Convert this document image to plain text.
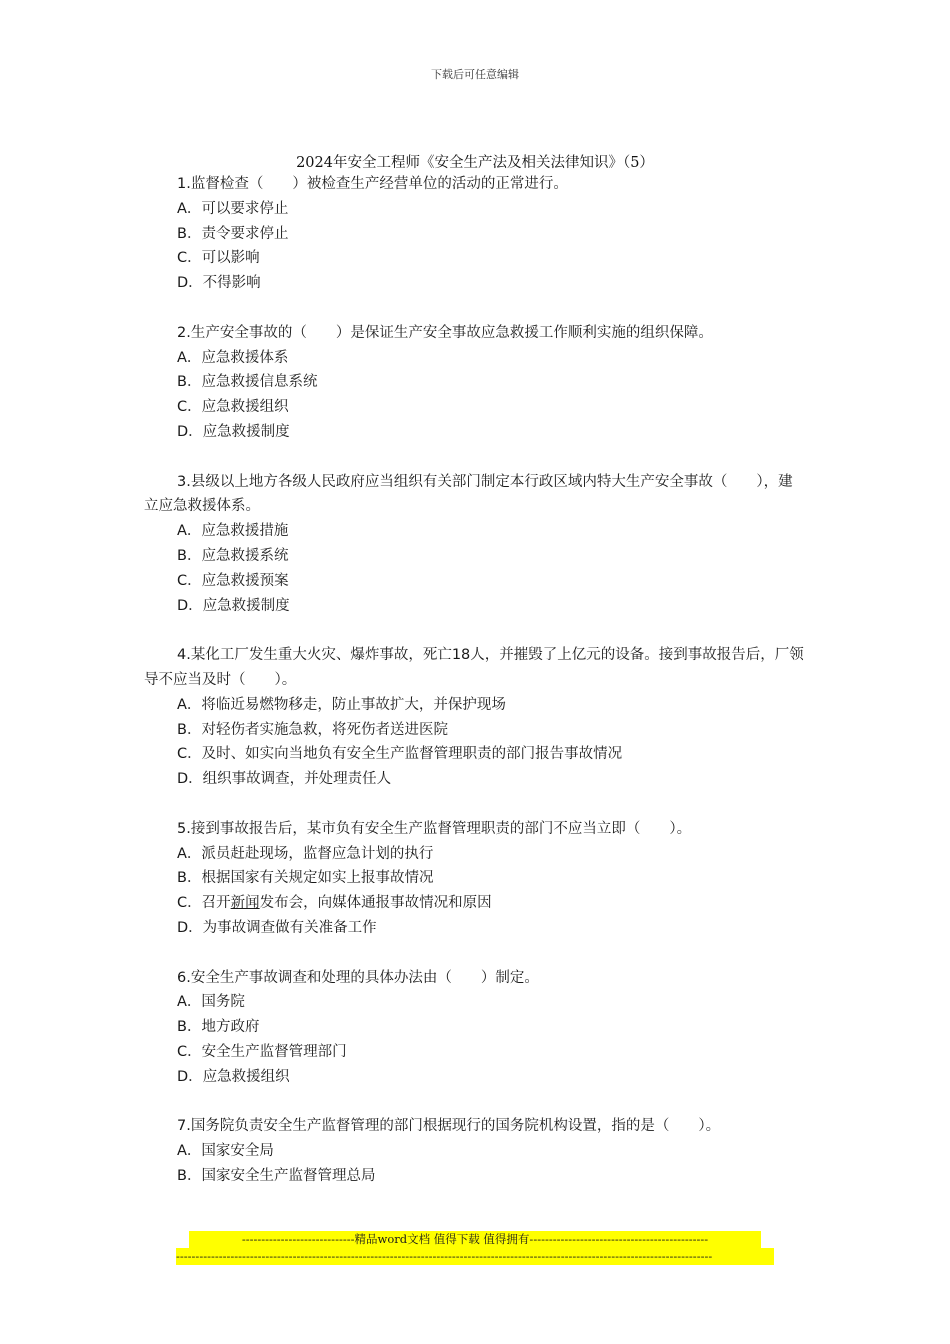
下载后可任意编辑
2024年安全工程师《安全生产法及相关法律知识》（5）

1.监督检查（　　）被检查生产经营单位的活动的正常进行。

A．可以要求停止

B．责令要求停止

C．可以影响

D．不得影响

2.生产安全事故的（　　）是保证生产安全事故应急救援工作顺利实施的组织保障。

A．应急救援体系

B．应急救援信息系统

C．应急救援组织

D．应急救援制度

3.县级以上地方各级人民政府应当组织有关部门制定本行政区域内特大生产安全事故（　　），建立应急救援体系。

A．应急救援措施

B．应急救援系统

C．应急救援预案

D．应急救援制度

4.某化工厂发生重大火灾、爆炸事故，死亡18人，并摧毁了上亿元的设备。接到事故报告后，厂领导不应当及时（　　）。

A．将临近易燃物移走，防止事故扩大，并保护现场

B．对轻伤者实施急救，将死伤者送进医院

C．及时、如实向当地负有安全生产监督管理职责的部门报告事故情况

D．组织事故调查，并处理责任人

5.接到事故报告后，某市负有安全生产监督管理职责的部门不应当立即（　　）。

A．派员赶赴现场，监督应急计划的执行

B．根据国家有关规定如实上报事故情况

C．召开新闻发布会，向媒体通报事故情况和原因

D．为事故调查做有关准备工作

6.安全生产事故调查和处理的具体办法由（　　）制定。

A．国务院

B．地方政府

C．安全生产监督管理部门

D．应急救援组织

7.国务院负责安全生产监督管理的部门根据现行的国务院机构设置，指的是（　　）。

A．国家安全局

B．国家安全生产监督管理总局

-----------------------------精品word文档 值得下载 值得拥有----------------------------------------------
------------------------------------------------------------------------------------------------------------------------------------------
